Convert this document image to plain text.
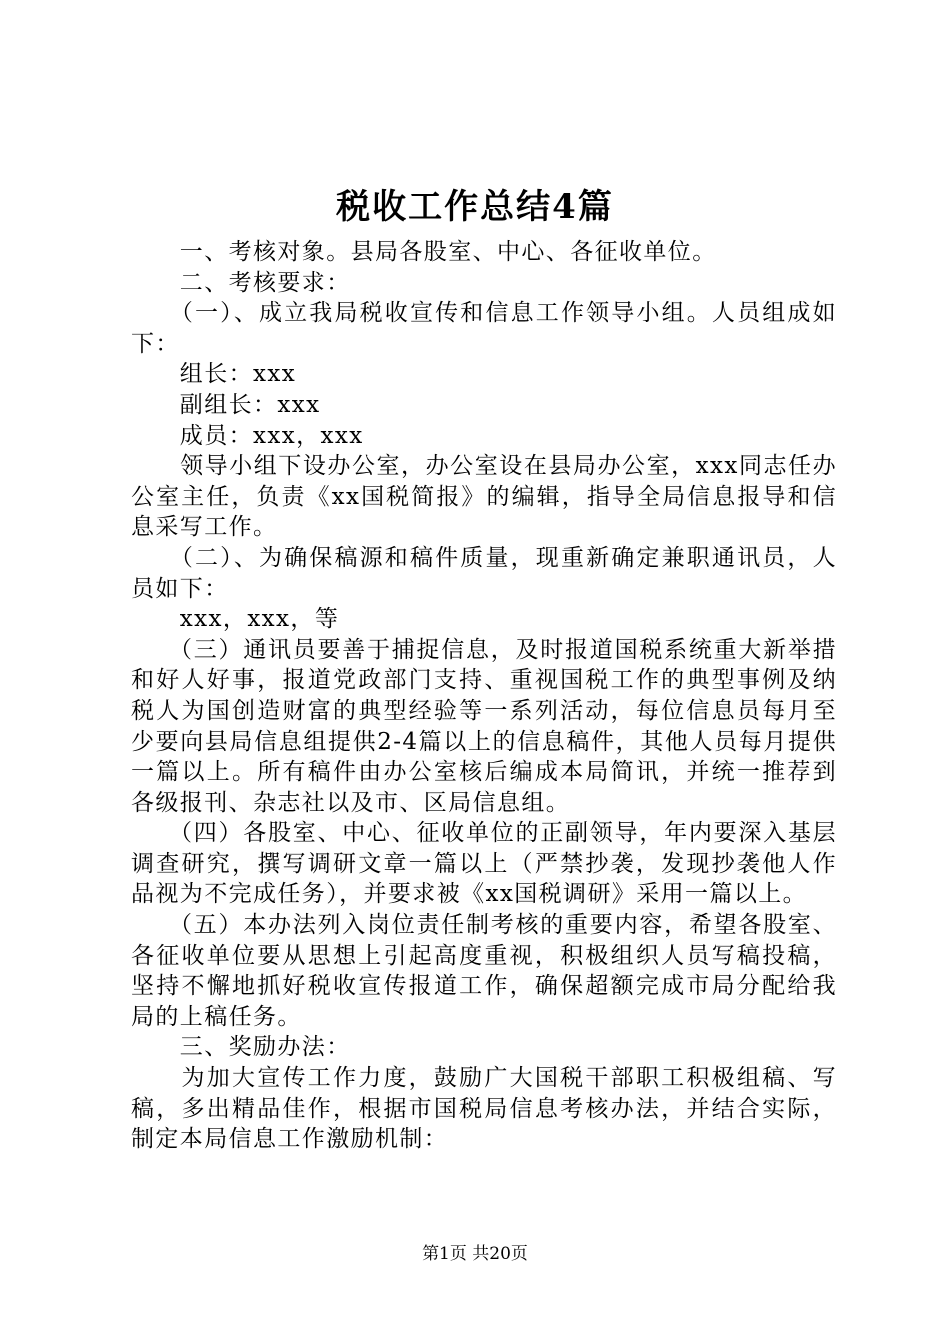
税收工作总结4篇

　　一、考核对象。县局各股室、中心、各征收单位。

　　二、考核要求：

　　（一）、成立我局税收宣传和信息工作领导小组。人员组成如下：

　　组长：xxx

　　副组长：xxx

　　成员：xxx，xxx

　　领导小组下设办公室，办公室设在县局办公室，xxx同志任办公室主任，负责《xx国税简报》的编辑，指导全局信息报导和信息采写工作。

　　（二）、为确保稿源和稿件质量，现重新确定兼职通讯员，人员如下：

　　xxx，xxx，等

　　（三）通讯员要善于捕捉信息，及时报道国税系统重大新举措和好人好事，报道党政部门支持、重视国税工作的典型事例及纳税人为国创造财富的典型经验等一系列活动，每位信息员每月至少要向县局信息组提供2-4篇以上的信息稿件，其他人员每月提供一篇以上。所有稿件由办公室核后编成本局简讯，并统一推荐到各级报刊、杂志社以及市、区局信息组。

　　（四）各股室、中心、征收单位的正副领导，年内要深入基层调查研究，撰写调研文章一篇以上（严禁抄袭，发现抄袭他人作品视为不完成任务），并要求被《xx国税调研》采用一篇以上。

　　（五）本办法列入岗位责任制考核的重要内容，希望各股室、各征收单位要从思想上引起高度重视，积极组织人员写稿投稿，坚持不懈地抓好税收宣传报道工作，确保超额完成市局分配给我局的上稿任务。

　　三、奖励办法：

　　为加大宣传工作力度，鼓励广大国税干部职工积极组稿、写稿，多出精品佳作，根据市国税局信息考核办法，并结合实际，制定本局信息工作激励机制：

第1页 共20页
